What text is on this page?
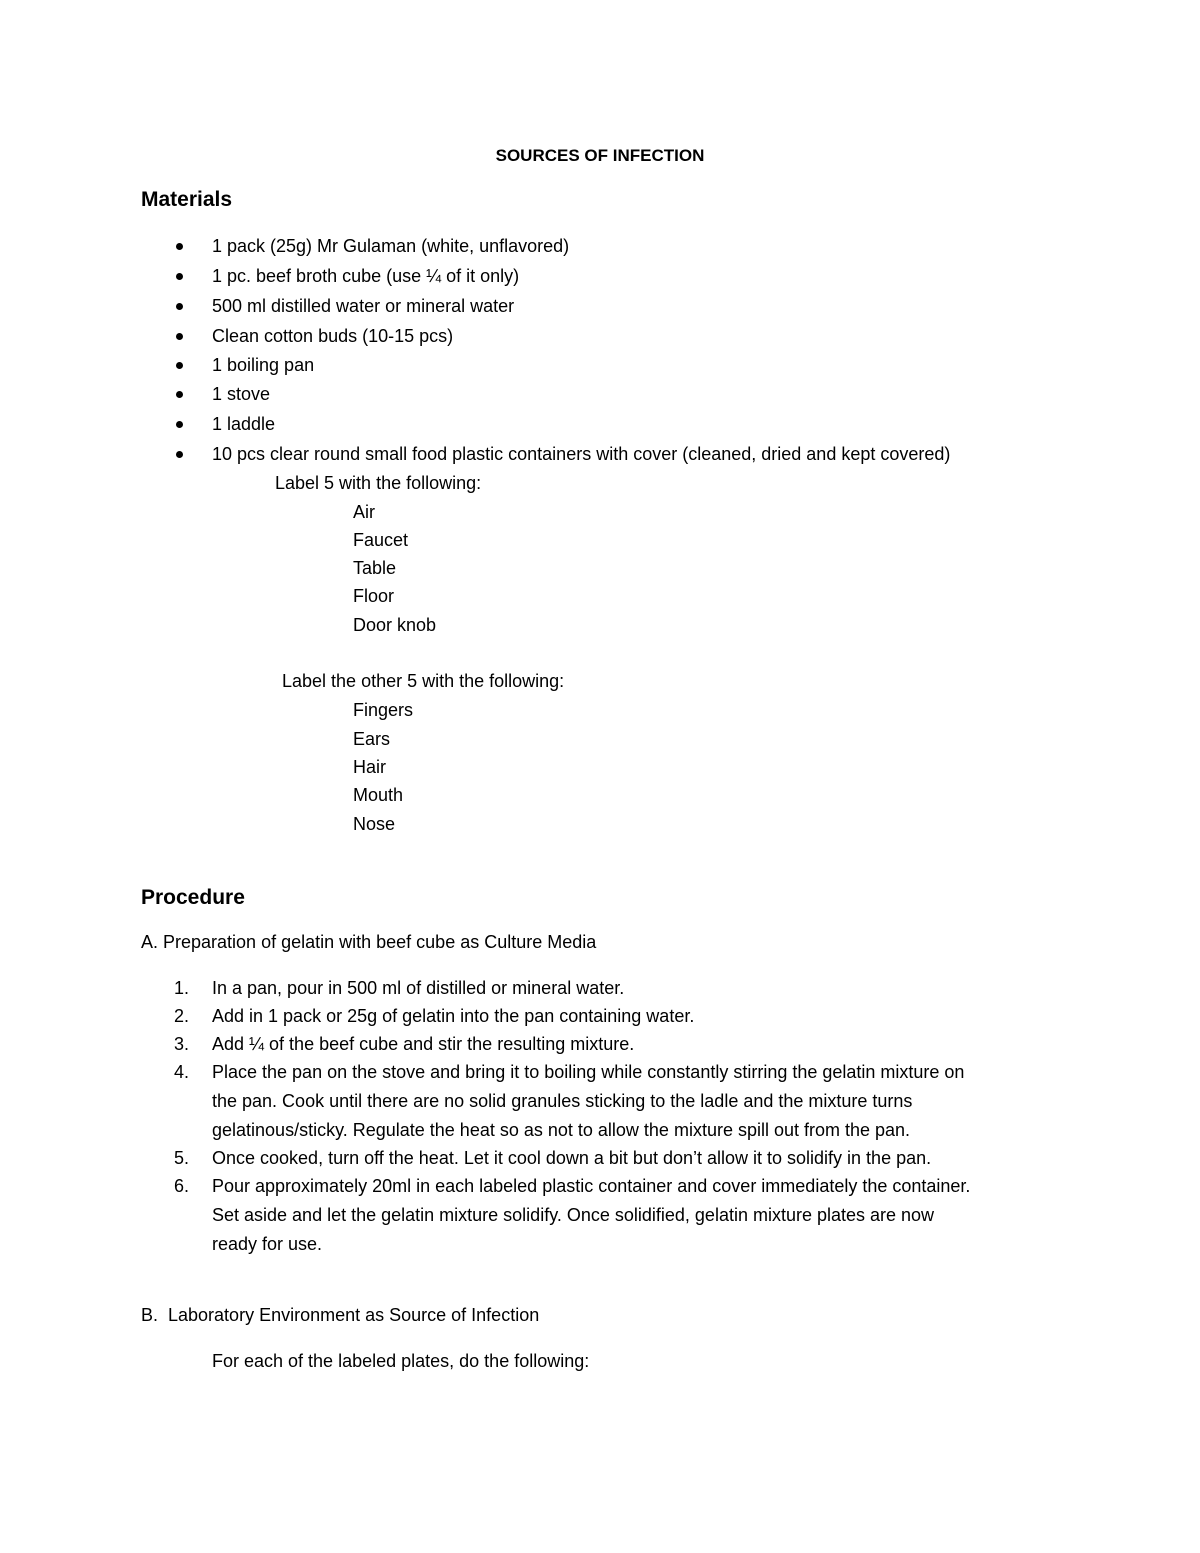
SOURCES OF INFECTION
Materials
1 pack (25g) Mr Gulaman (white, unflavored)
1 pc. beef broth cube (use ¼ of it only)
500 ml distilled water or mineral water
Clean cotton buds (10-15 pcs)
1 boiling pan
1 stove
1 laddle
10 pcs clear round small food plastic containers with cover (cleaned, dried and kept covered)
Label 5 with the following:
Air
Faucet
Table
Floor
Door knob
Label the other 5 with the following:
Fingers
Ears
Hair
Mouth
Nose
Procedure
A. Preparation of gelatin with beef cube as Culture Media
1. In a pan, pour in 500 ml of distilled or mineral water.
2. Add in 1 pack or 25g of gelatin into the pan containing water.
3. Add ¼ of the beef cube and stir the resulting mixture.
4. Place the pan on the stove and bring it to boiling while constantly stirring the gelatin mixture on
the pan. Cook until there are no solid granules sticking to the ladle and the mixture turns
gelatinous/sticky. Regulate the heat so as not to allow the mixture spill out from the pan.
5. Once cooked, turn off the heat. Let it cool down a bit but don’t allow it to solidify in the pan.
6. Pour approximately 20ml in each labeled plastic container and cover immediately the container.
Set aside and let the gelatin mixture solidify. Once solidified, gelatin mixture plates are now
ready for use.
B.  Laboratory Environment as Source of Infection
For each of the labeled plates, do the following:
